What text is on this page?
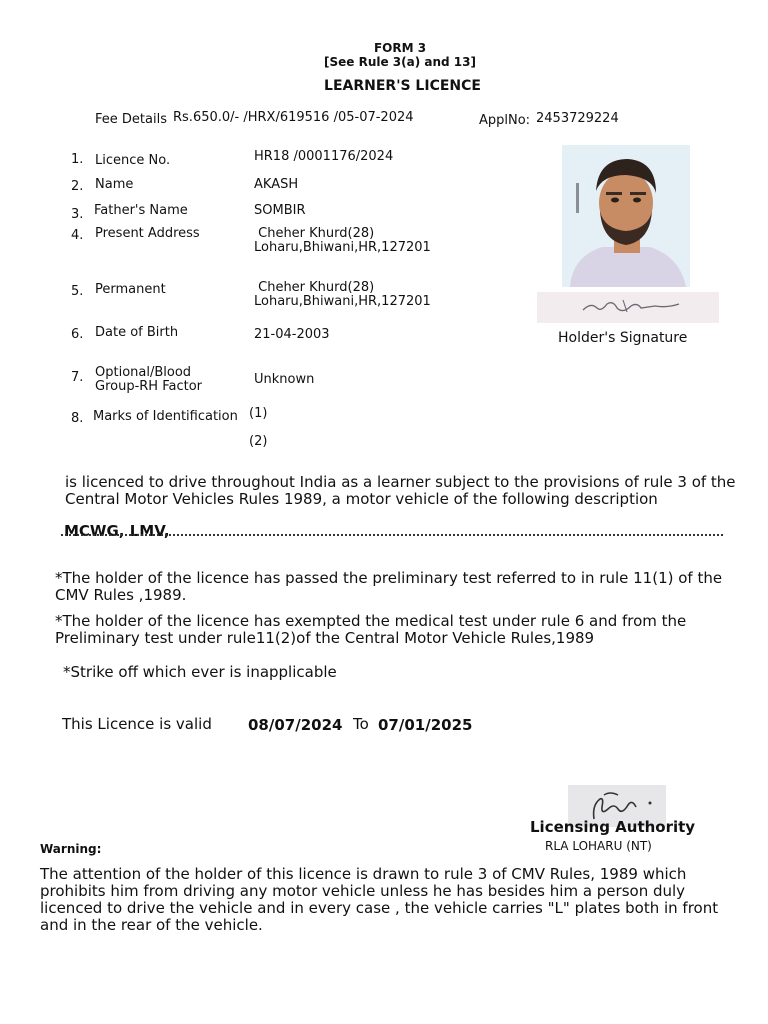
FORM 3
[See Rule 3(a) and 13]
LEARNER'S LICENCE
Fee Details Rs.650.0/- /HRX/619516 /05-07-2024	ApplNo: 2453729224
1. Licence No.	HR18 /0001176/2024
2. Name	AKASH
3. Father's Name	SOMBIR
4. Present Address	Cheher Khurd(28)
Loharu,Bhiwani,HR,127201
5. Permanent	Cheher Khurd(28)
Loharu,Bhiwani,HR,127201
6. Date of Birth	21-04-2003
7. Optional/Blood
Group-RH Factor	Unknown
8. Marks of Identification (1)
(2)
Holder's Signature
is licenced to drive throughout India as a learner subject to the provisions of rule 3 of the Central Motor Vehicles Rules 1989, a motor vehicle of the following description
MCWG, LMV,
*The holder of the licence has passed the preliminary test referred to in rule 11(1) of the CMV Rules ,1989.
*The holder of the licence has exempted the medical test under rule 6 and from the Preliminary test under rule11(2)of the Central Motor Vehicle Rules,1989
*Strike off which ever is inapplicable
This Licence is valid 08/07/2024 To 07/01/2025
Licensing Authority
RLA LOHARU (NT)
Warning:
The attention of the holder of this licence is drawn to rule 3 of CMV Rules, 1989 which prohibits him from driving any motor vehicle unless he has besides him a person duly licenced to drive the vehicle and in every case , the vehicle carries "L" plates both in front and in the rear of the vehicle.
